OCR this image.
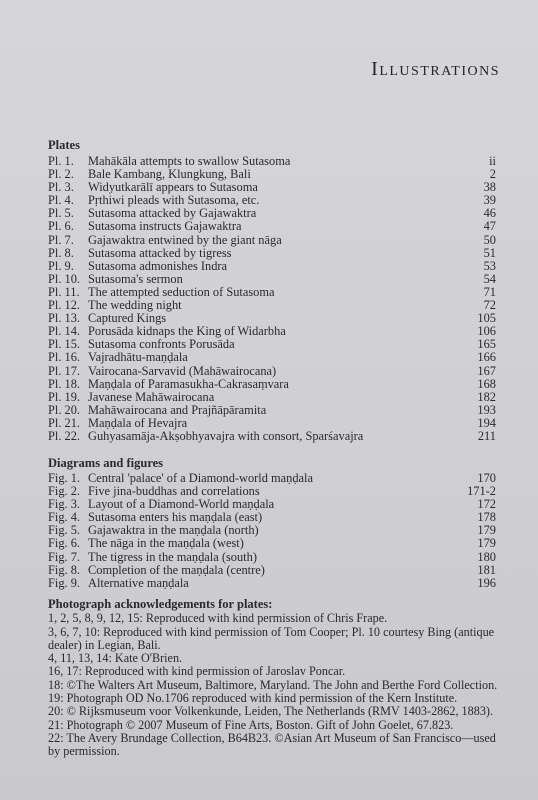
Illustrations
Plates
Pl. 1.	Mahākāla attempts to swallow Sutasoma	ii
Pl. 2.	Bale Kambang, Klungkung, Bali	2
Pl. 3.	Widyutkarālī appears to Sutasoma	38
Pl. 4.	Pṛthiwi pleads with Sutasoma, etc.	39
Pl. 5.	Sutasoma attacked by Gajawaktra	46
Pl. 6.	Sutasoma instructs Gajawaktra	47
Pl. 7.	Gajawaktra entwined by the giant nāga	50
Pl. 8.	Sutasoma attacked by tigress	51
Pl. 9.	Sutasoma admonishes Indra	53
Pl. 10. Sutasoma's sermon	54
Pl. 11. The attempted seduction of Sutasoma	71
Pl. 12. The wedding night	72
Pl. 13. Captured Kings	105
Pl. 14. Porusāda kidnaps the King of Widarbha	106
Pl. 15. Sutasoma confronts Porusāda	165
Pl. 16. Vajradhātu-maṇḍala	166
Pl. 17. Vairocana-Sarvavid (Mahāwairocana)	167
Pl. 18. Maṇḍala of Paramasukha-Cakrasaṃvara	168
Pl. 19. Javanese Mahāwairocana	182
Pl. 20. Mahāwairocana and Prajñāpāramita	193
Pl. 21. Maṇḍala of Hevajra	194
Pl. 22. Guhyasamāja-Akṣobhyavajra with consort, Sparśavajra	211
Diagrams and figures
Fig. 1. Central 'palace' of a Diamond-world maṇḍala	170
Fig. 2. Five jina-buddhas and correlations	171-2
Fig. 3. Layout of a Diamond-World maṇḍala	172
Fig. 4. Sutasoma enters his maṇḍala (east)	178
Fig. 5. Gajawaktra in the maṇḍala (north)	179
Fig. 6. The nāga in the maṇḍala (west)	179
Fig. 7. The tigress in the maṇḍala (south)	180
Fig. 8. Completion of the maṇḍala (centre)	181
Fig. 9. Alternative maṇḍala	196
Photograph acknowledgements for plates:

1, 2, 5, 8, 9, 12, 15: Reproduced with kind permission of Chris Frape.

3, 6, 7, 10: Reproduced with kind permission of Tom Cooper; Pl. 10 courtesy Bing (antique dealer) in Legian, Bali.

4, 11, 13, 14: Kate O'Brien.

16, 17: Reproduced with kind permission of Jaroslav Poncar.

18: ©The Walters Art Museum, Baltimore, Maryland. The John and Berthe Ford Collection.

19: Photograph OD No.1706 reproduced with kind permission of the Kern Institute.

20: © Rijksmuseum voor Volkenkunde, Leiden, The Netherlands (RMV 1403-2862, 1883).

21: Photograph © 2007 Museum of Fine Arts, Boston. Gift of John Goelet, 67.823.

22: The Avery Brundage Collection, B64B23. ©Asian Art Museum of San Francisco—used by permission.
